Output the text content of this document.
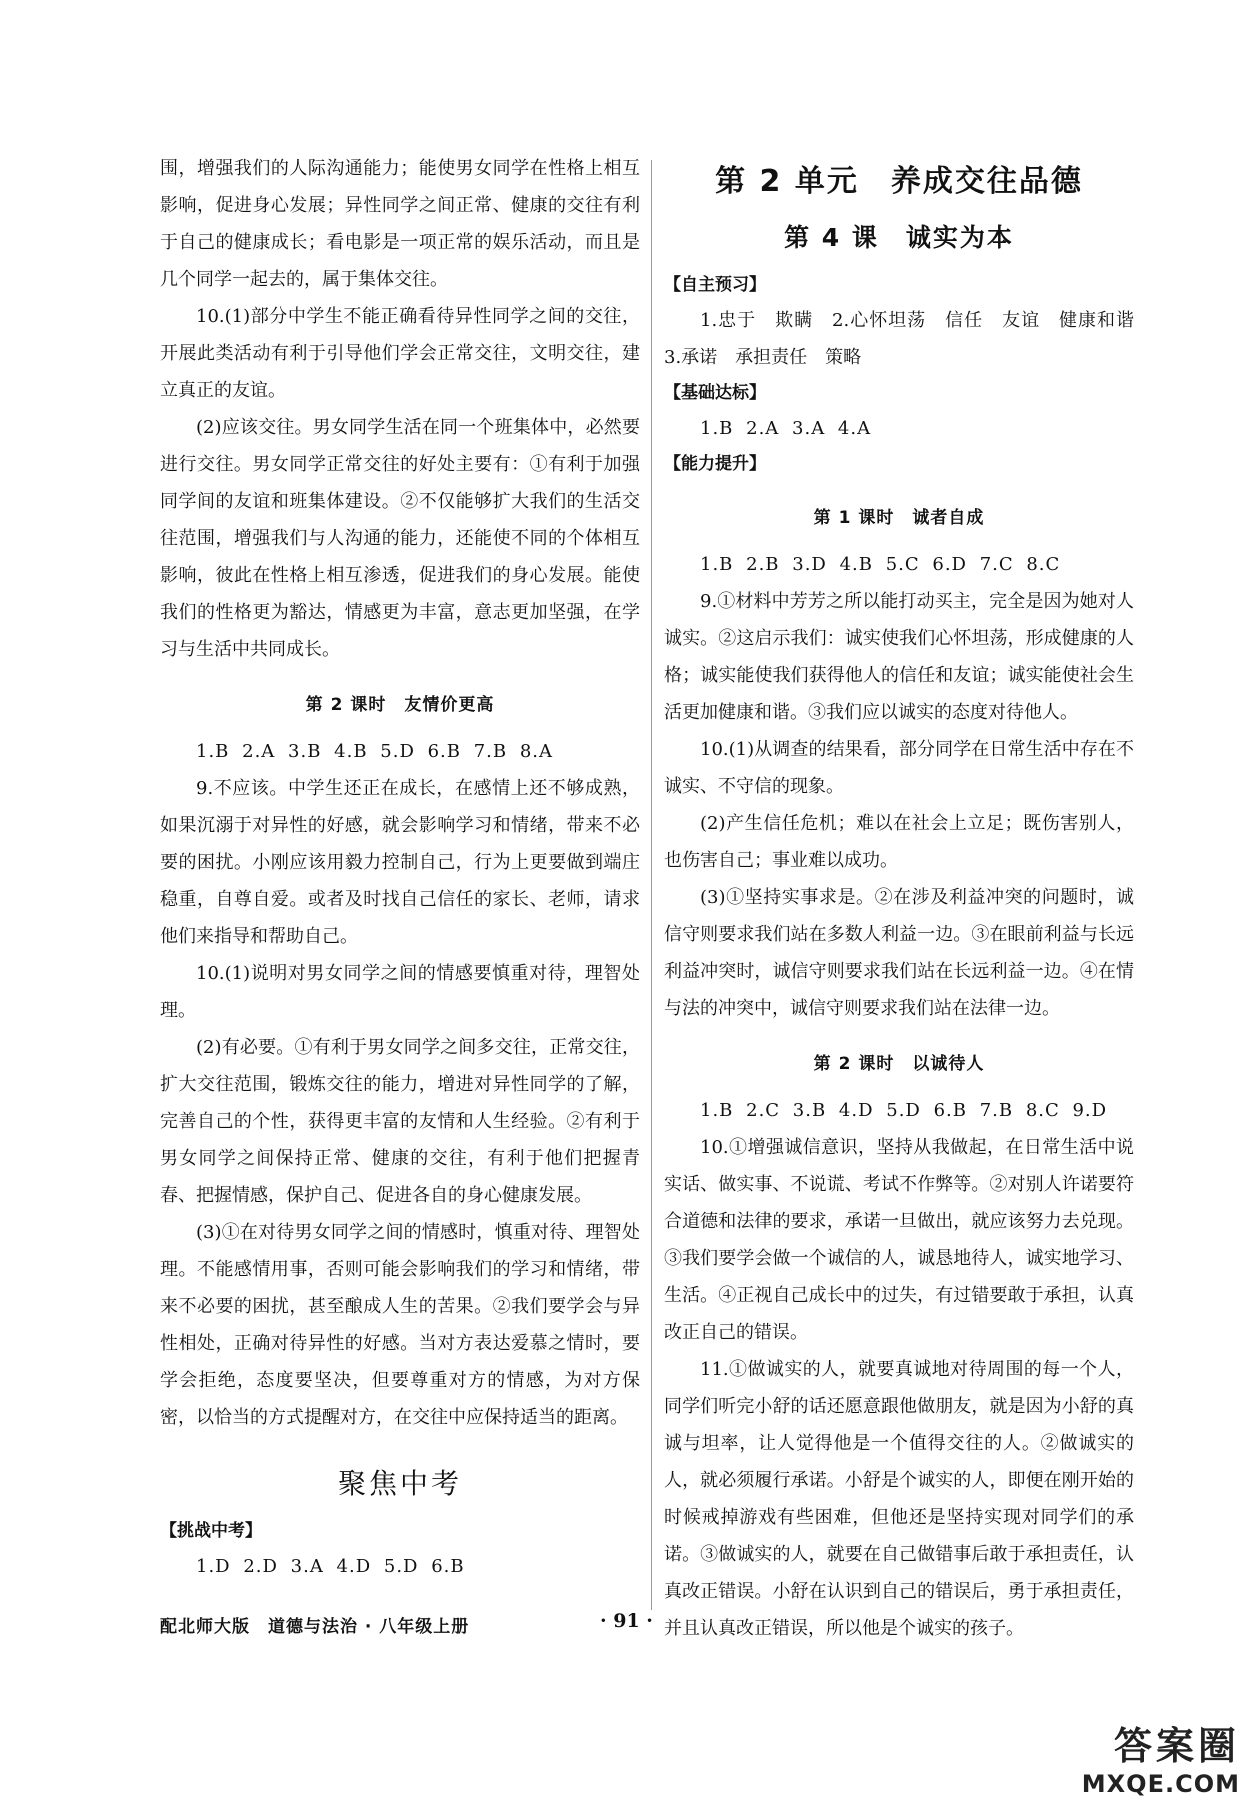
围，增强我们的人际沟通能力；能使男女同学在性格上相互影响，促进身心发展；异性同学之间正常、健康的交往有利于自己的健康成长；看电影是一项正常的娱乐活动，而且是几个同学一起去的，属于集体交往。

10.(1)部分中学生不能正确看待异性同学之间的交往，开展此类活动有利于引导他们学会正常交往，文明交往，建立真正的友谊。

(2)应该交往。男女同学生活在同一个班集体中，必然要进行交往。男女同学正常交往的好处主要有：①有利于加强同学间的友谊和班集体建设。②不仅能够扩大我们的生活交往范围，增强我们与人沟通的能力，还能使不同的个体相互影响，彼此在性格上相互渗透，促进我们的身心发展。能使我们的性格更为豁达，情感更为丰富，意志更加坚强，在学习与生活中共同成长。

第 2 课时　友情价更高

1.B 2.A 3.B 4.B 5.D 6.B 7.B 8.A

9.不应该。中学生还正在成长，在感情上还不够成熟，如果沉溺于对异性的好感，就会影响学习和情绪，带来不必要的困扰。小刚应该用毅力控制自己，行为上更要做到端庄稳重，自尊自爱。或者及时找自己信任的家长、老师，请求他们来指导和帮助自己。

10.(1)说明对男女同学之间的情感要慎重对待，理智处理。

(2)有必要。①有利于男女同学之间多交往，正常交往，扩大交往范围，锻炼交往的能力，增进对异性同学的了解，完善自己的个性，获得更丰富的友情和人生经验。②有利于男女同学之间保持正常、健康的交往，有利于他们把握青春、把握情感，保护自己、促进各自的身心健康发展。

(3)①在对待男女同学之间的情感时，慎重对待、理智处理。不能感情用事，否则可能会影响我们的学习和情绪，带来不必要的困扰，甚至酿成人生的苦果。②我们要学会与异性相处，正确对待异性的好感。当对方表达爱慕之情时，要学会拒绝，态度要坚决，但要尊重对方的情感，为对方保密，以恰当的方式提醒对方，在交往中应保持适当的距离。

聚焦中考

【挑战中考】

1.D 2.D 3.A 4.D 5.D 6.B

第 2 单元　养成交往品德
第 4 课　诚实为本

【自主预习】

1.忠于　欺瞒　2.心怀坦荡　信任　友谊　健康和谐　3.承诺　承担责任　策略

【基础达标】

1.B 2.A 3.A 4.A

【能力提升】

第 1 课时　诚者自成

1.B 2.B 3.D 4.B 5.C 6.D 7.C 8.C

9.①材料中芳芳之所以能打动买主，完全是因为她对人诚实。②这启示我们：诚实使我们心怀坦荡，形成健康的人格；诚实能使我们获得他人的信任和友谊；诚实能使社会生活更加健康和谐。③我们应以诚实的态度对待他人。

10.(1)从调查的结果看，部分同学在日常生活中存在不诚实、不守信的现象。

(2)产生信任危机；难以在社会上立足；既伤害别人，也伤害自己；事业难以成功。

(3)①坚持实事求是。②在涉及利益冲突的问题时，诚信守则要求我们站在多数人利益一边。③在眼前利益与长远利益冲突时，诚信守则要求我们站在长远利益一边。④在情与法的冲突中，诚信守则要求我们站在法律一边。

第 2 课时　以诚待人

1.B 2.C 3.B 4.D 5.D 6.B 7.B 8.C 9.D

10.①增强诚信意识，坚持从我做起，在日常生活中说实话、做实事、不说谎、考试不作弊等。②对别人许诺要符合道德和法律的要求，承诺一旦做出，就应该努力去兑现。③我们要学会做一个诚信的人，诚恳地待人，诚实地学习、生活。④正视自己成长中的过失，有过错要敢于承担，认真改正自己的错误。

11.①做诚实的人，就要真诚地对待周围的每一个人，同学们听完小舒的话还愿意跟他做朋友，就是因为小舒的真诚与坦率，让人觉得他是一个值得交往的人。②做诚实的人，就必须履行承诺。小舒是个诚实的人，即便在刚开始的时候戒掉游戏有些困难，但他还是坚持实现对同学们的承诺。③做诚实的人，就要在自己做错事后敢于承担责任，认真改正错误。小舒在认识到自己的错误后，勇于承担责任，并且认真改正错误，所以他是个诚实的孩子。

配北师大版　道德与法治 · 八年级上册	· 91 ·
答案圈
MXQE.COM
